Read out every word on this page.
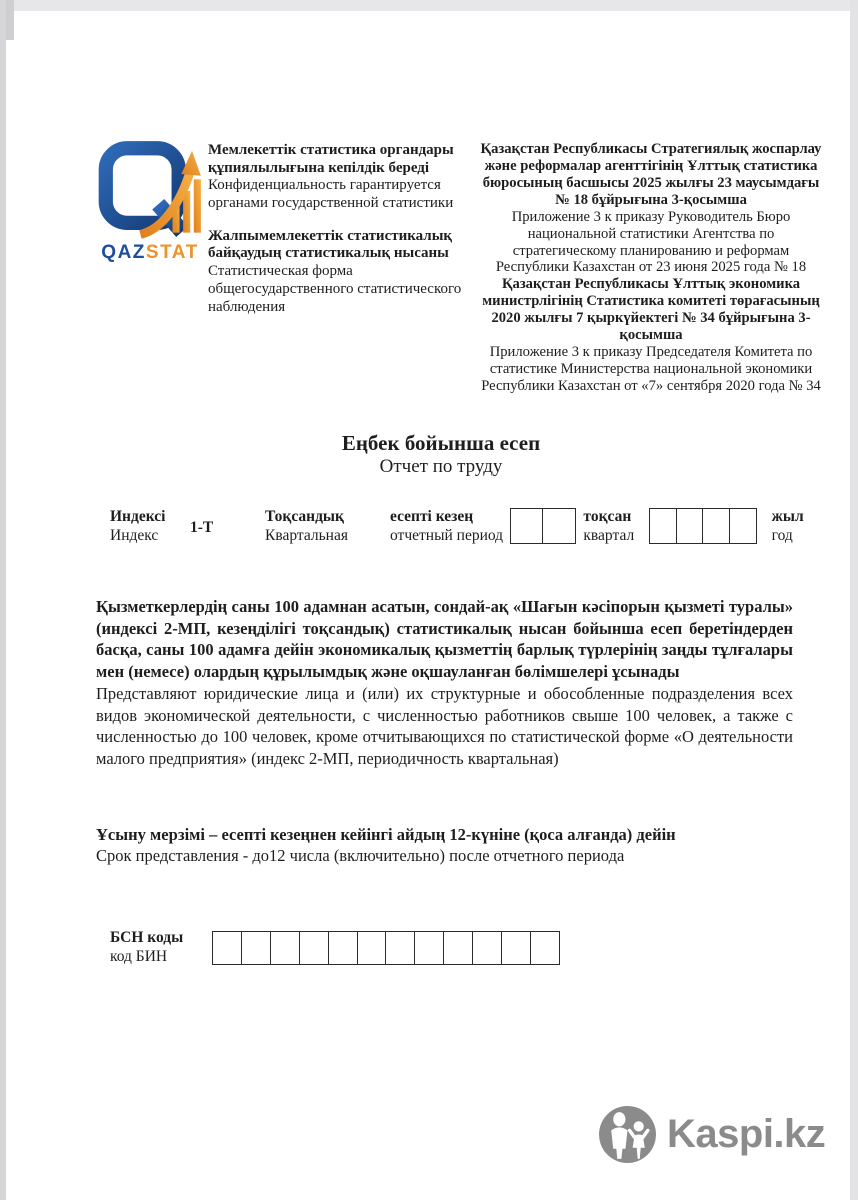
QAZSTAT
Мемлекеттік статистика органдары құпиялылығына кепілдік береді
Конфиденциальность гарантируется органами государственной статистики
Жалпымемлекеттік статистикалық байқаудың статистикалық нысаны
Статистическая форма общегосударственного статистического наблюдения
Қазақстан Республикасы Стратегиялық жоспарлау және реформалар агенттігінің Ұлттық статистика бюросының басшысы 2025 жылғы 23 маусымдағы № 18 бұйрығына 3-қосымша
Приложение 3 к приказу Руководитель Бюро национальной статистики Агентства по стратегическому планированию и реформам Республики Казахстан от 23 июня 2025 года № 18
Қазақстан Республикасы Ұлттық экономика министрлігінің Статистика комитеті төрағасының 2020 жылғы 7 қыркүйектегі № 34 бұйрығына 3-қосымша
Приложение 3 к приказу Председателя Комитета по статистике Министерства национальной экономики Республики Казахстан от «7» сентября 2020 года № 34
Еңбек бойынша есеп
Отчет по труду
Индексі
Индекс	1-Т
Тоқсандық
Квартальная
есепті кезең
отчетный период
тоқсан
квартал
жыл
год
Қызметкерлердің саны 100 адамнан асатын, сондай-ақ «Шағын кәсіпорын қызметі туралы» (индексі 2-МП, кезеңділігі тоқсандық) статистикалық нысан бойынша есеп беретіндерден басқа, саны 100 адамға дейін экономикалық қызметтің барлық түрлерінің заңды тұлғалары мен (немесе) олардың құрылымдық және оқшауланған бөлімшелері ұсынады
Представляют юридические лица и (или) их структурные и обособленные подразделения всех видов экономической деятельности, с численностью работников свыше 100 человек, а также с численностью до 100 человек, кроме отчитывающихся по статистической форме «О деятельности малого предприятия» (индекс 2-МП, периодичность квартальная)
Ұсыну мерзімі – есепті кезеңнен кейінгі айдың 12-күніне (қоса алғанда) дейін
Срок представления - до12 числа (включительно) после отчетного периода
БСН коды
код БИН
Kaspi.kz
